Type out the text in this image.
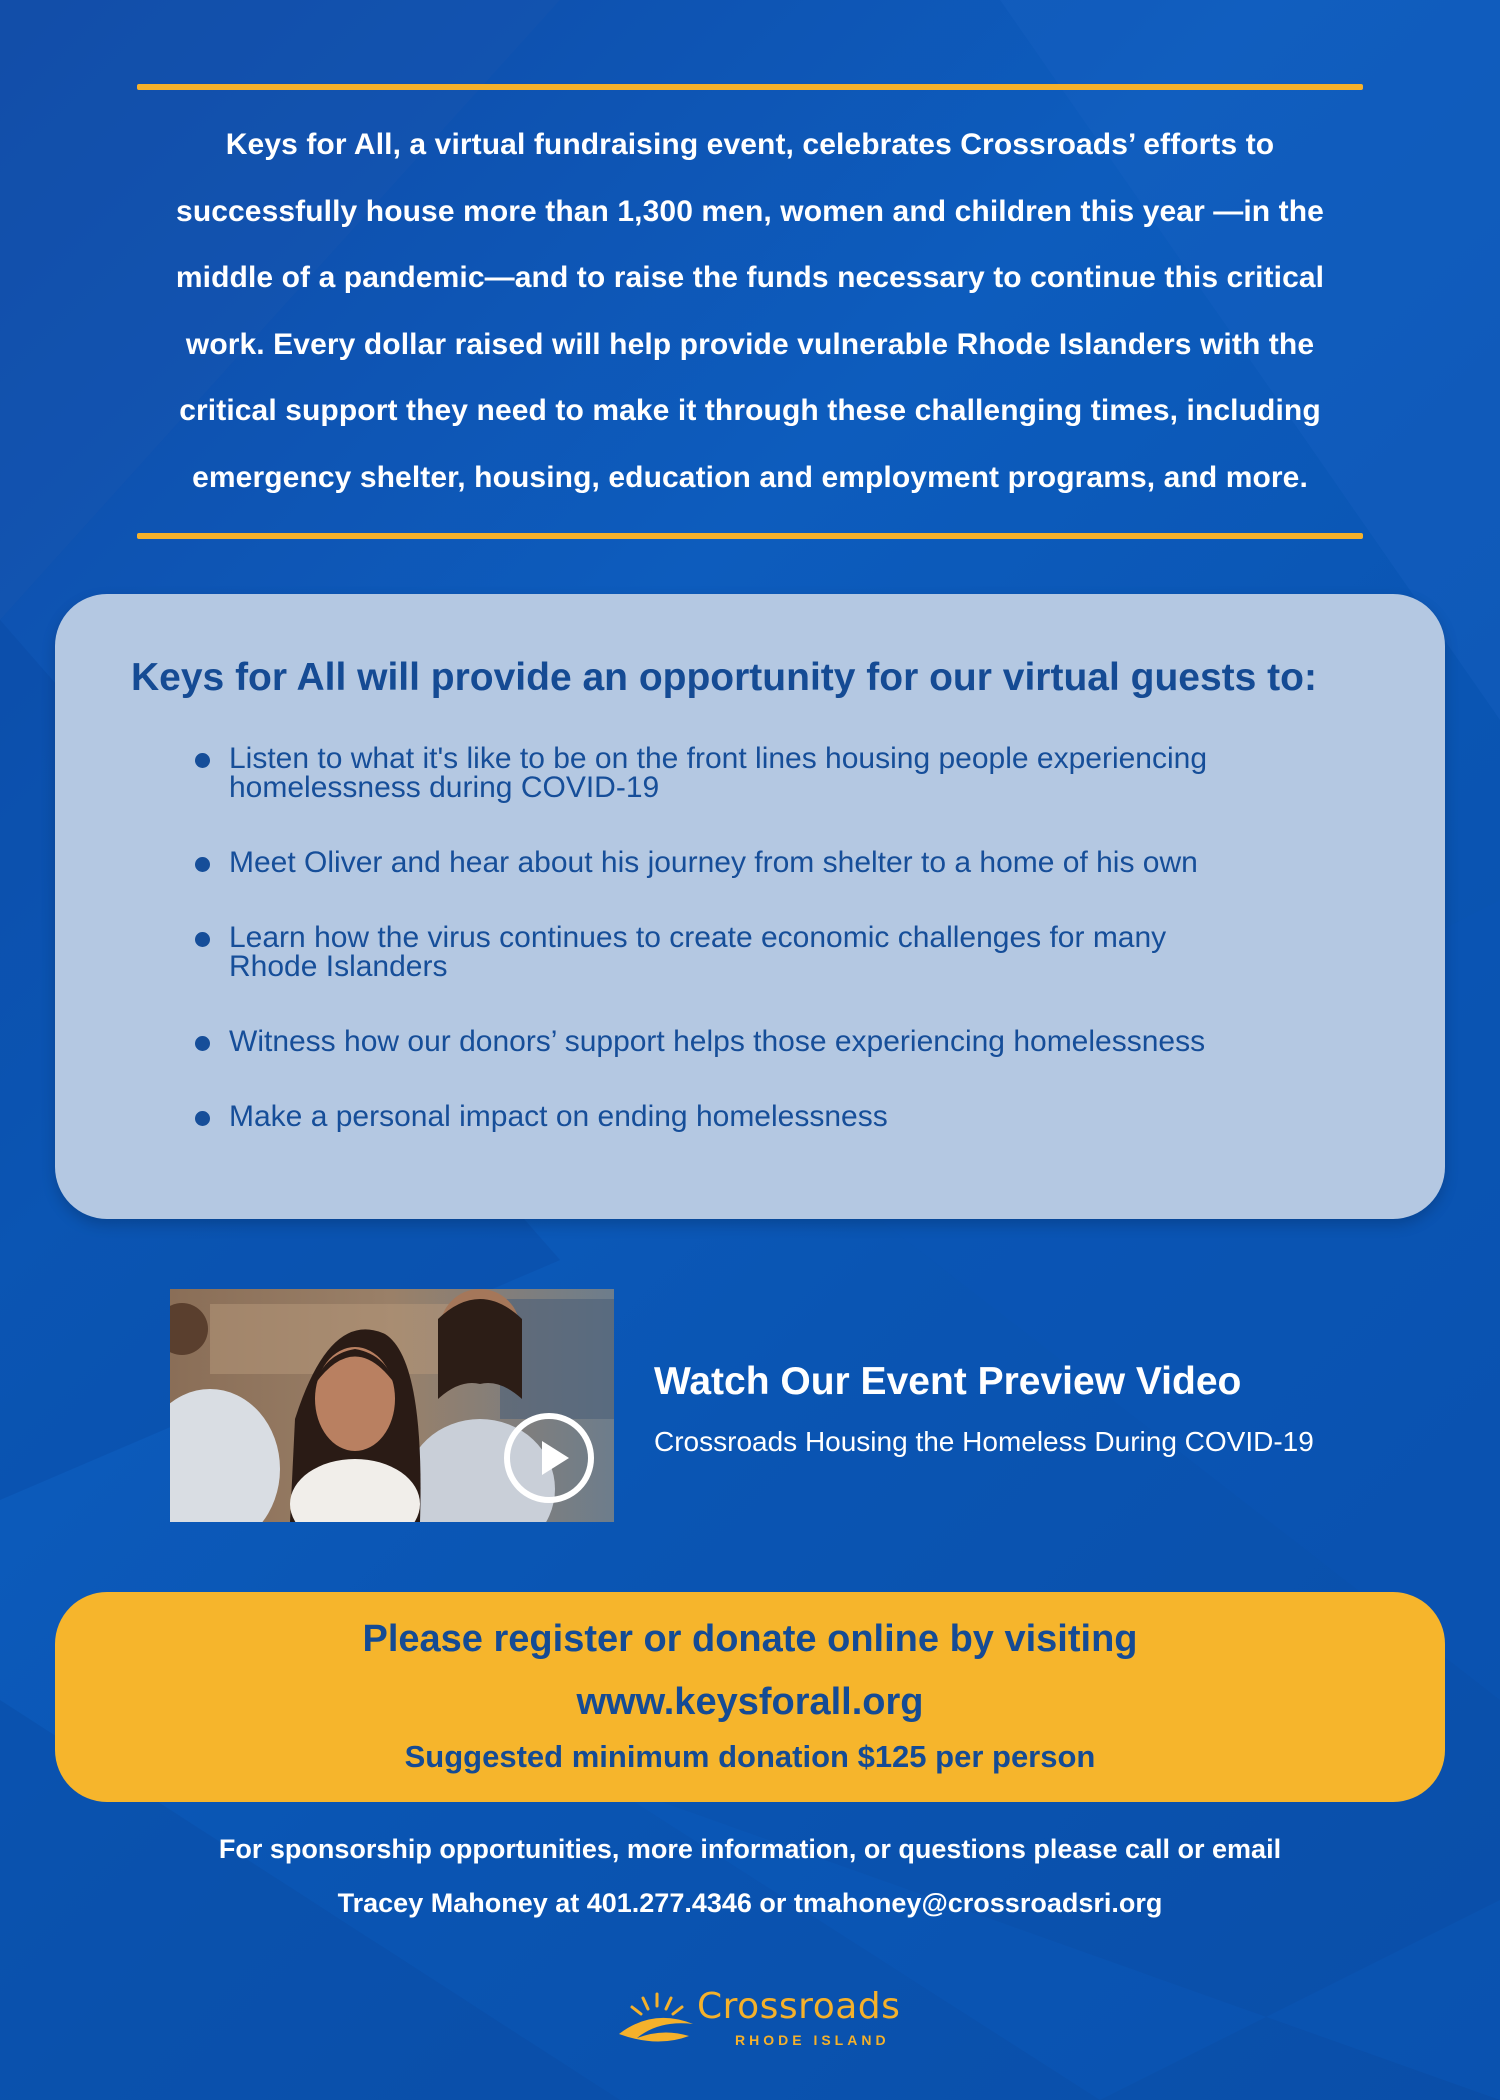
Keys for All, a virtual fundraising event, celebrates Crossroads’ efforts to successfully house more than 1,300 men, women and children this year —in the middle of a pandemic—and to raise the funds necessary to continue this critical work. Every dollar raised will help provide vulnerable Rhode Islanders with the critical support they need to make it through these challenging times, including emergency shelter, housing, education and employment programs, and more.

Keys for All will provide an opportunity for our virtual guests to:
Listen to what it's like to be on the front lines housing people experiencing
homelessness during COVID-19
Meet Oliver and hear about his journey from shelter to a home of his own
Learn how the virus continues to create economic challenges for many
Rhode Islanders
Witness how our donors’ support helps those experiencing homelessness
Make a personal impact on ending homelessness
Watch Our Event Preview Video
Crossroads Housing the Homeless During COVID-19
Please register or donate online by visiting
www.keysforall.org
Suggested minimum donation $125 per person
For sponsorship opportunities, more information, or questions please call or email
Tracey Mahoney at 401.277.4346 or tmahoney@crossroadsri.org
Crossroads
RHODE ISLAND
